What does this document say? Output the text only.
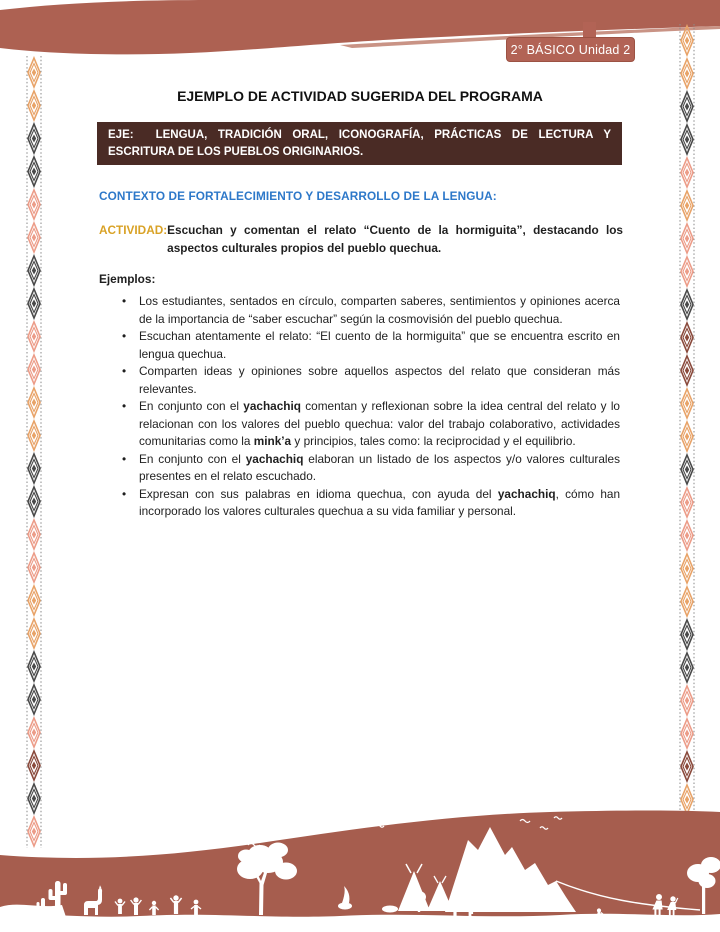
2° BÁSICO Unidad 2
EJEMPLO DE ACTIVIDAD SUGERIDA DEL PROGRAMA
EJE: LENGUA, TRADICIÓN ORAL, ICONOGRAFÍA, PRÁCTICAS DE LECTURA Y ESCRITURA DE LOS PUEBLOS ORIGINARIOS.
CONTEXTO DE FORTALECIMIENTO Y DESARROLLO DE LA LENGUA:
ACTIVIDAD: Escuchan y comentan el relato “Cuento de la hormiguita”, destacando los aspectos culturales propios del pueblo quechua.
Ejemplos:
•	Los estudiantes, sentados en círculo, comparten saberes, sentimientos y opiniones acerca de la importancia de “saber escuchar” según la cosmovisión del pueblo quechua.
•	Escuchan atentamente el relato: “El cuento de la hormiguita” que se encuentra escrito en lengua quechua.
•	Comparten ideas y opiniones sobre aquellos aspectos del relato que consideran más relevantes.
•	En conjunto con el yachachiq comentan y reflexionan sobre la idea central del relato y lo relacionan con los valores del pueblo quechua: valor del trabajo colaborativo, actividades comunitarias como la mink’a y principios, tales como: la reciprocidad y el equilibrio.
•	En conjunto con el yachachiq elaboran un listado de los aspectos y/o valores culturales presentes en el relato escuchado.
•	Expresan con sus palabras en idioma quechua, con ayuda del yachachiq, cómo han incorporado los valores culturales quechua a su vida familiar y personal.
